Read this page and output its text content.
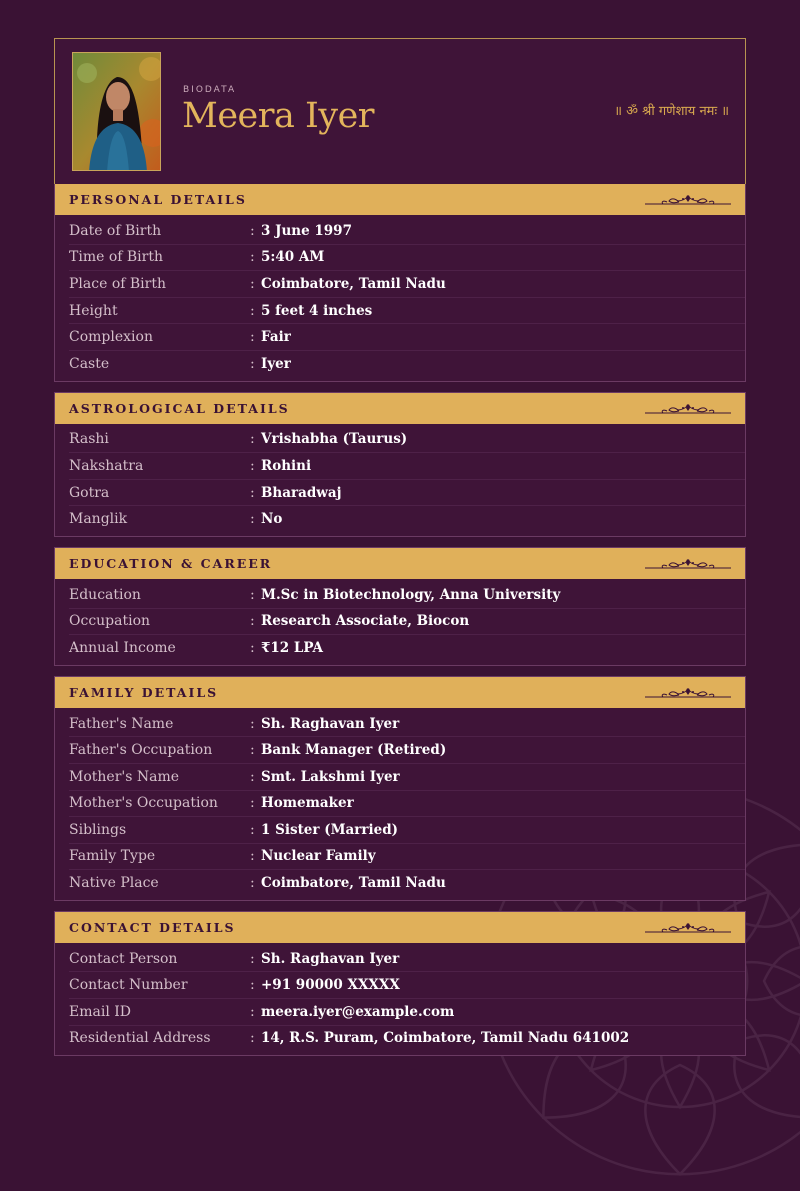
BIODATA
Meera Iyer	॥ ॐ श्री गणेशाय नमः ॥
PERSONAL DETAILS
Date of Birth	: 3 June 1997
Time of Birth	: 5:40 AM
Place of Birth	: Coimbatore, Tamil Nadu
Height	: 5 feet 4 inches
Complexion	: Fair
Caste	: Iyer
ASTROLOGICAL DETAILS
Rashi	: Vrishabha (Taurus)
Nakshatra	: Rohini
Gotra	: Bharadwaj
Manglik	: No
EDUCATION & CAREER
Education	: M.Sc in Biotechnology, Anna University
Occupation	: Research Associate, Biocon
Annual Income	: ₹12 LPA
FAMILY DETAILS
Father's Name	: Sh. Raghavan Iyer
Father's Occupation	: Bank Manager (Retired)
Mother's Name	: Smt. Lakshmi Iyer
Mother's Occupation	: Homemaker
Siblings	: 1 Sister (Married)
Family Type	: Nuclear Family
Native Place	: Coimbatore, Tamil Nadu
CONTACT DETAILS
Contact Person	: Sh. Raghavan Iyer
Contact Number	: +91 90000 XXXXX
Email ID	: meera.iyer@example.com
Residential Address	: 14, R.S. Puram, Coimbatore, Tamil Nadu 641002
